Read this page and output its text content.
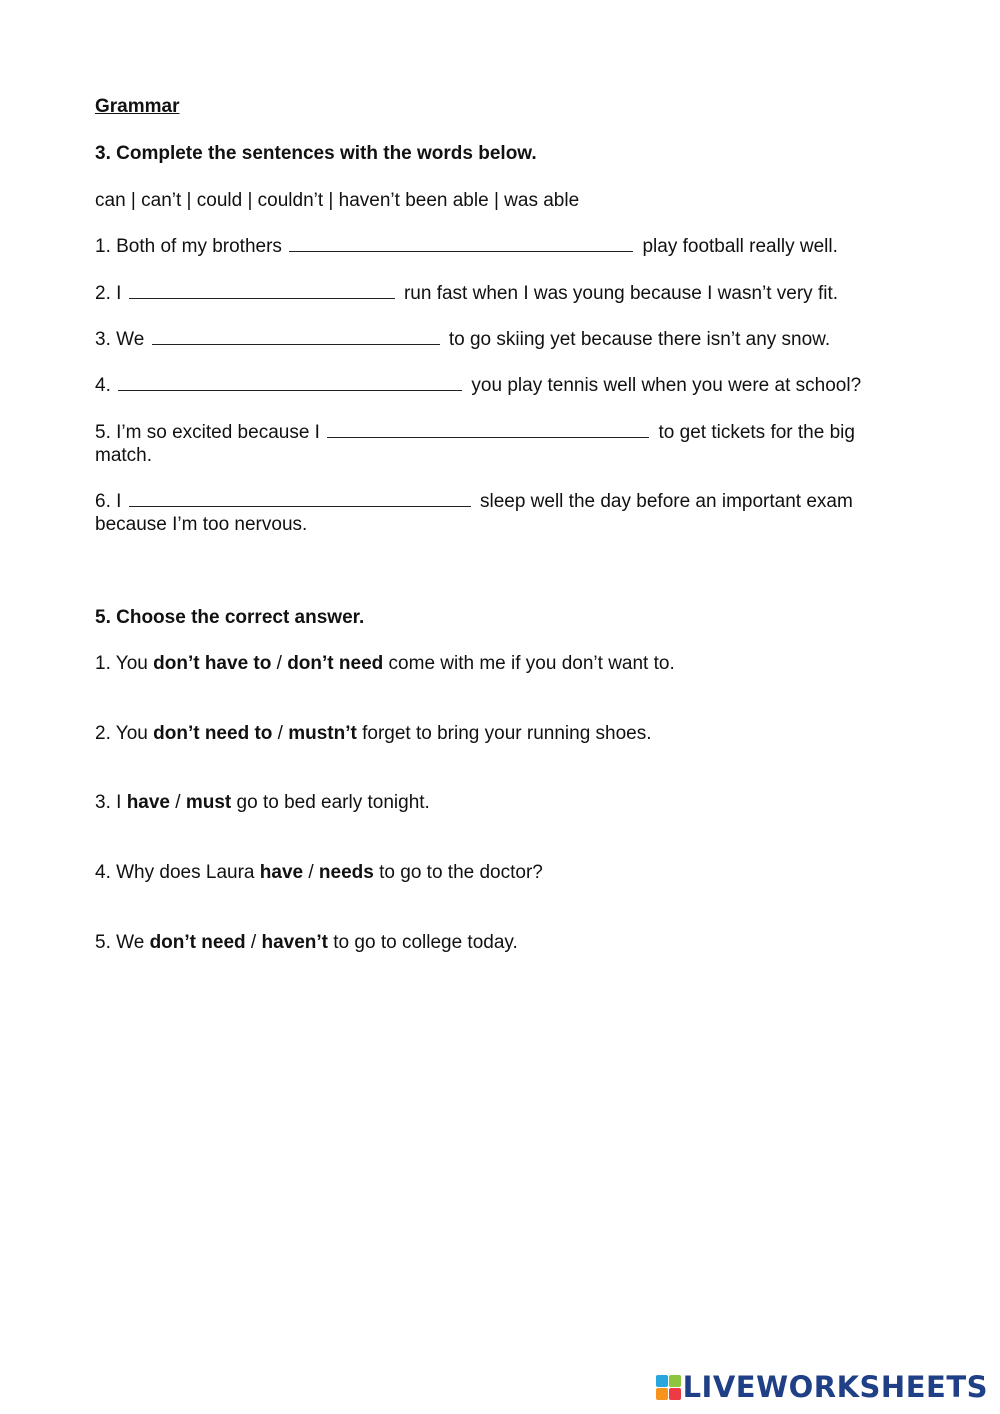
Grammar
3. Complete the sentences with the words below.
can | can’t | could | couldn’t | haven’t been able | was able
1. Both of my brothers	play football really well.
2. I	run fast when I was young because I wasn’t very fit.
3. We	to go skiing yet because there isn’t any snow.
4.	you play tennis well when you were at school?
5. I’m so excited because I	to get tickets for the big match.
6. I	sleep well the day before an important exam because I’m too nervous.
5. Choose the correct answer.
1. You don’t have to / don’t need come with me if you don’t want to.
2. You don’t need to / mustn’t forget to bring your running shoes.
3. I have / must go to bed early tonight.
4. Why does Laura have / needs to go to the doctor?
5. We don’t need / haven’t to go to college today.
LIVEWORKSHEETS
